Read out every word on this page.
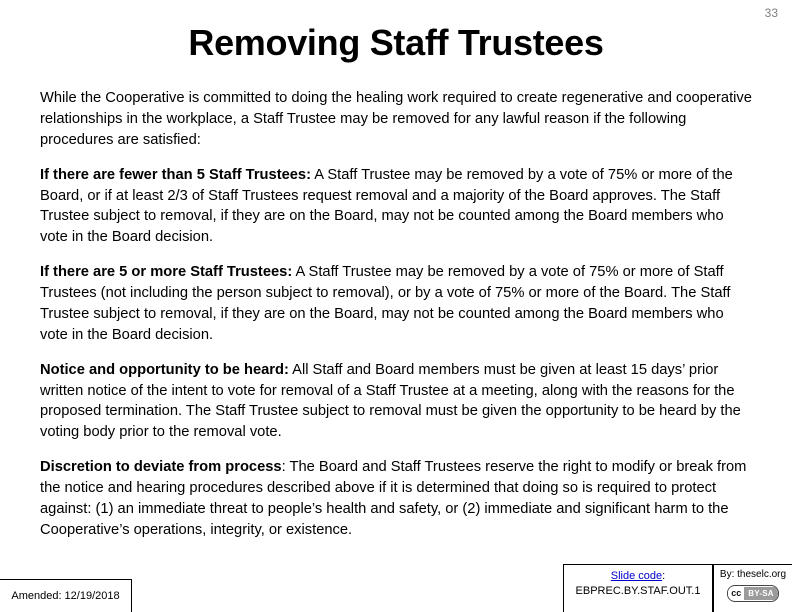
33
Removing Staff Trustees

While the Cooperative is committed to doing the healing work required to create regenerative and cooperative relationships in the workplace, a Staff Trustee may be removed for any lawful reason if the following procedures are satisfied:

If there are fewer than 5 Staff Trustees: A Staff Trustee may be removed by a vote of 75% or more of the Board, or if at least 2/3 of Staff Trustees request removal and a majority of the Board approves. The Staff Trustee subject to removal, if they are on the Board, may not be counted among the Board members who vote in the Board decision.

If there are 5 or more Staff Trustees: A Staff Trustee may be removed by a vote of 75% or more of Staff Trustees (not including the person subject to removal), or by a vote of 75% or more of the Board. The Staff Trustee subject to removal, if they are on the Board, may not be counted among the Board members who vote in the Board decision.

Notice and opportunity to be heard: All Staff and Board members must be given at least 15 days’ prior written notice of the intent to vote for removal of a Staff Trustee at a meeting, along with the reasons for the proposed termination. The Staff Trustee subject to removal must be given the opportunity to be heard by the voting body prior to the removal vote.

Discretion to deviate from process: The Board and Staff Trustees reserve the right to modify or break from the notice and hearing procedures described above if it is determined that doing so is required to protect against: (1) an immediate threat to people’s health and safety, or (2) immediate and significant harm to the Cooperative’s operations, integrity, or existence.

Amended: 12/19/2018
Slide code:
EBPREC.BY.STAF.OUT.1
By: theselc.org
cc BY-SA
